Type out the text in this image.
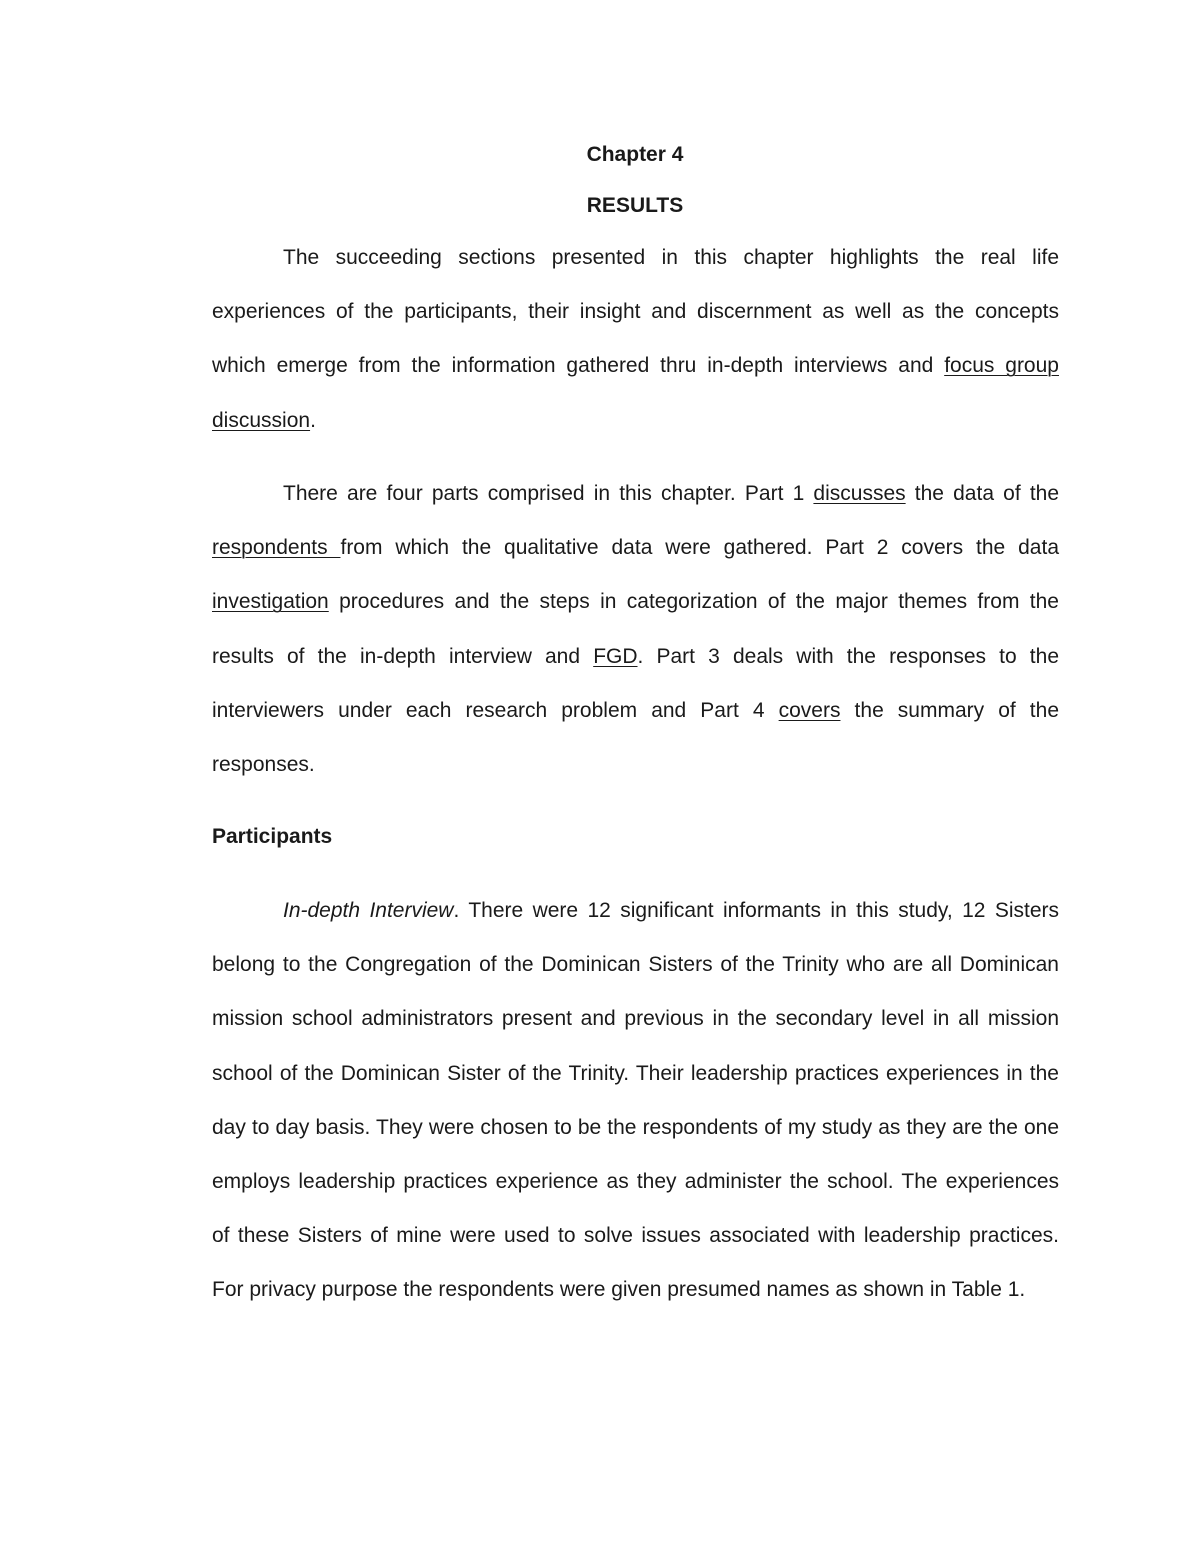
Chapter 4
RESULTS

The succeeding sections presented in this chapter highlights the real life experiences of the participants, their insight and discernment as well as the concepts which emerge from the information gathered thru in-depth interviews and focus group discussion.

There are four parts comprised in this chapter. Part 1 discusses the data of the respondents from which the qualitative data were gathered. Part 2 covers the data investigation procedures and the steps in categorization of the major themes from the results of the in-depth interview and FGD. Part 3 deals with the responses to the interviewers under each research problem and Part 4 covers the summary of the responses.

Participants

In-depth Interview. There were 12 significant informants in this study, 12 Sisters belong to the Congregation of the Dominican Sisters of the Trinity who are all Dominican mission school administrators present and previous in the secondary level in all mission school of the Dominican Sister of the Trinity. Their leadership practices experiences in the day to day basis. They were chosen to be the respondents of my study as they are the one employs leadership practices experience as they administer the school. The experiences of these Sisters of mine were used to solve issues associated with leadership practices. For privacy purpose the respondents were given presumed names as shown in Table 1.
